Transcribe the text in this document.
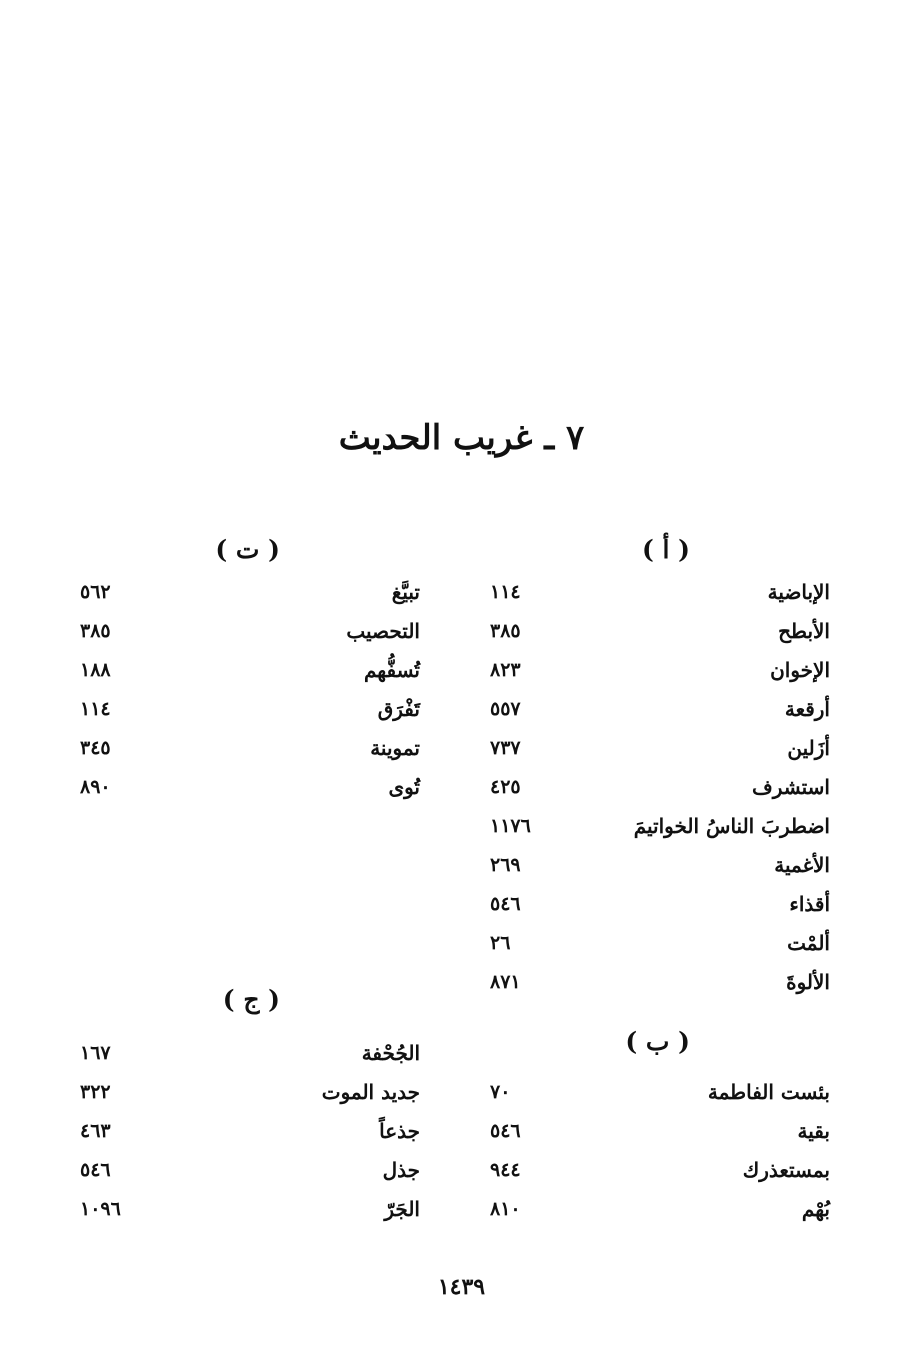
٧ ـ غريب الحديث
( أ )
الإباضية
١١٤
الأبطح
٣٨٥
الإخوان
٨٢٣
أرقعة
٥٥٧
أزَلين
٧٣٧
استشرف
٤٢٥
اضطربَ الناسُ الخواتيمَ
١١٧٦
الأغمية
٢٦٩
أقذاء
٥٤٦
ألمْت
٢٦
الألوةَ
٨٧١
( ب )
بئست الفاطمة
٧٠
بقية
٥٤٦
بمستعذرك
٩٤٤
بُهْم
٨١٠
( ت )
تبيَّغ
٥٦٢
التحصيب
٣٨٥
تُسفُّهم
١٨٨
تَفْرَق
١١٤
تموينة
٣٤٥
تُوى
٨٩٠
( ج )
الجُحْفة
١٦٧
جديد الموت
٣٢٢
جذعاً
٤٦٣
جذل
٥٤٦
الجَرّ
١٠٩٦
١٤٣٩
